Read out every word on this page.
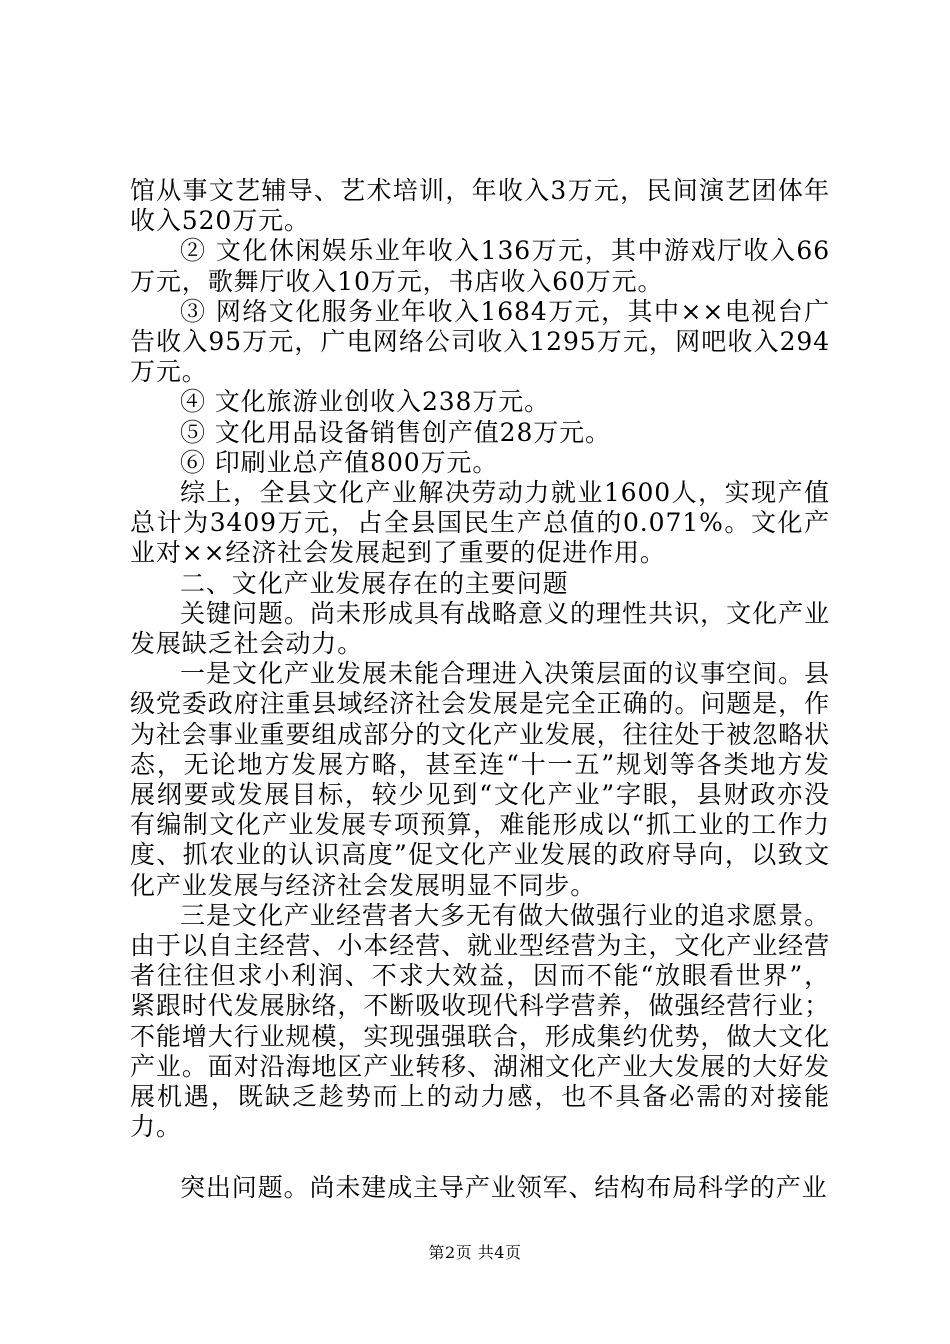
馆从事文艺辅导、艺术培训，年收入3万元，民间演艺团体年收入520万元。

② 文化休闲娱乐业年收入136万元，其中游戏厅收入66万元，歌舞厅收入10万元，书店收入60万元。

③ 网络文化服务业年收入1684万元，其中××电视台广告收入95万元，广电网络公司收入1295万元，网吧收入294万元。

④ 文化旅游业创收入238万元。

⑤ 文化用品设备销售创产值28万元。

⑥ 印刷业总产值800万元。

综上，全县文化产业解决劳动力就业1600人，实现产值总计为3409万元，占全县国民生产总值的0.071%。文化产业对××经济社会发展起到了重要的促进作用。

二、文化产业发展存在的主要问题

关键问题。尚未形成具有战略意义的理性共识，文化产业发展缺乏社会动力。

一是文化产业发展未能合理进入决策层面的议事空间。县级党委政府注重县域经济社会发展是完全正确的。问题是，作为社会事业重要组成部分的文化产业发展，往往处于被忽略状态，无论地方发展方略，甚至连“十一五”规划等各类地方发展纲要或发展目标，较少见到“文化产业”字眼，县财政亦没有编制文化产业发展专项预算，难能形成以“抓工业的工作力度、抓农业的认识高度”促文化产业发展的政府导向，以致文化产业发展与经济社会发展明显不同步。

三是文化产业经营者大多无有做大做强行业的追求愿景。由于以自主经营、小本经营、就业型经营为主，文化产业经营者往往但求小利润、不求大效益，因而不能“放眼看世界”，紧跟时代发展脉络，不断吸收现代科学营养，做强经营行业；不能增大行业规模，实现强强联合，形成集约优势，做大文化产业。面对沿海地区产业转移、湖湘文化产业大发展的大好发展机遇，既缺乏趁势而上的动力感，也不具备必需的对接能力。

突出问题。尚未建成主导产业领军、结构布局科学的产业

第2页 共4页
